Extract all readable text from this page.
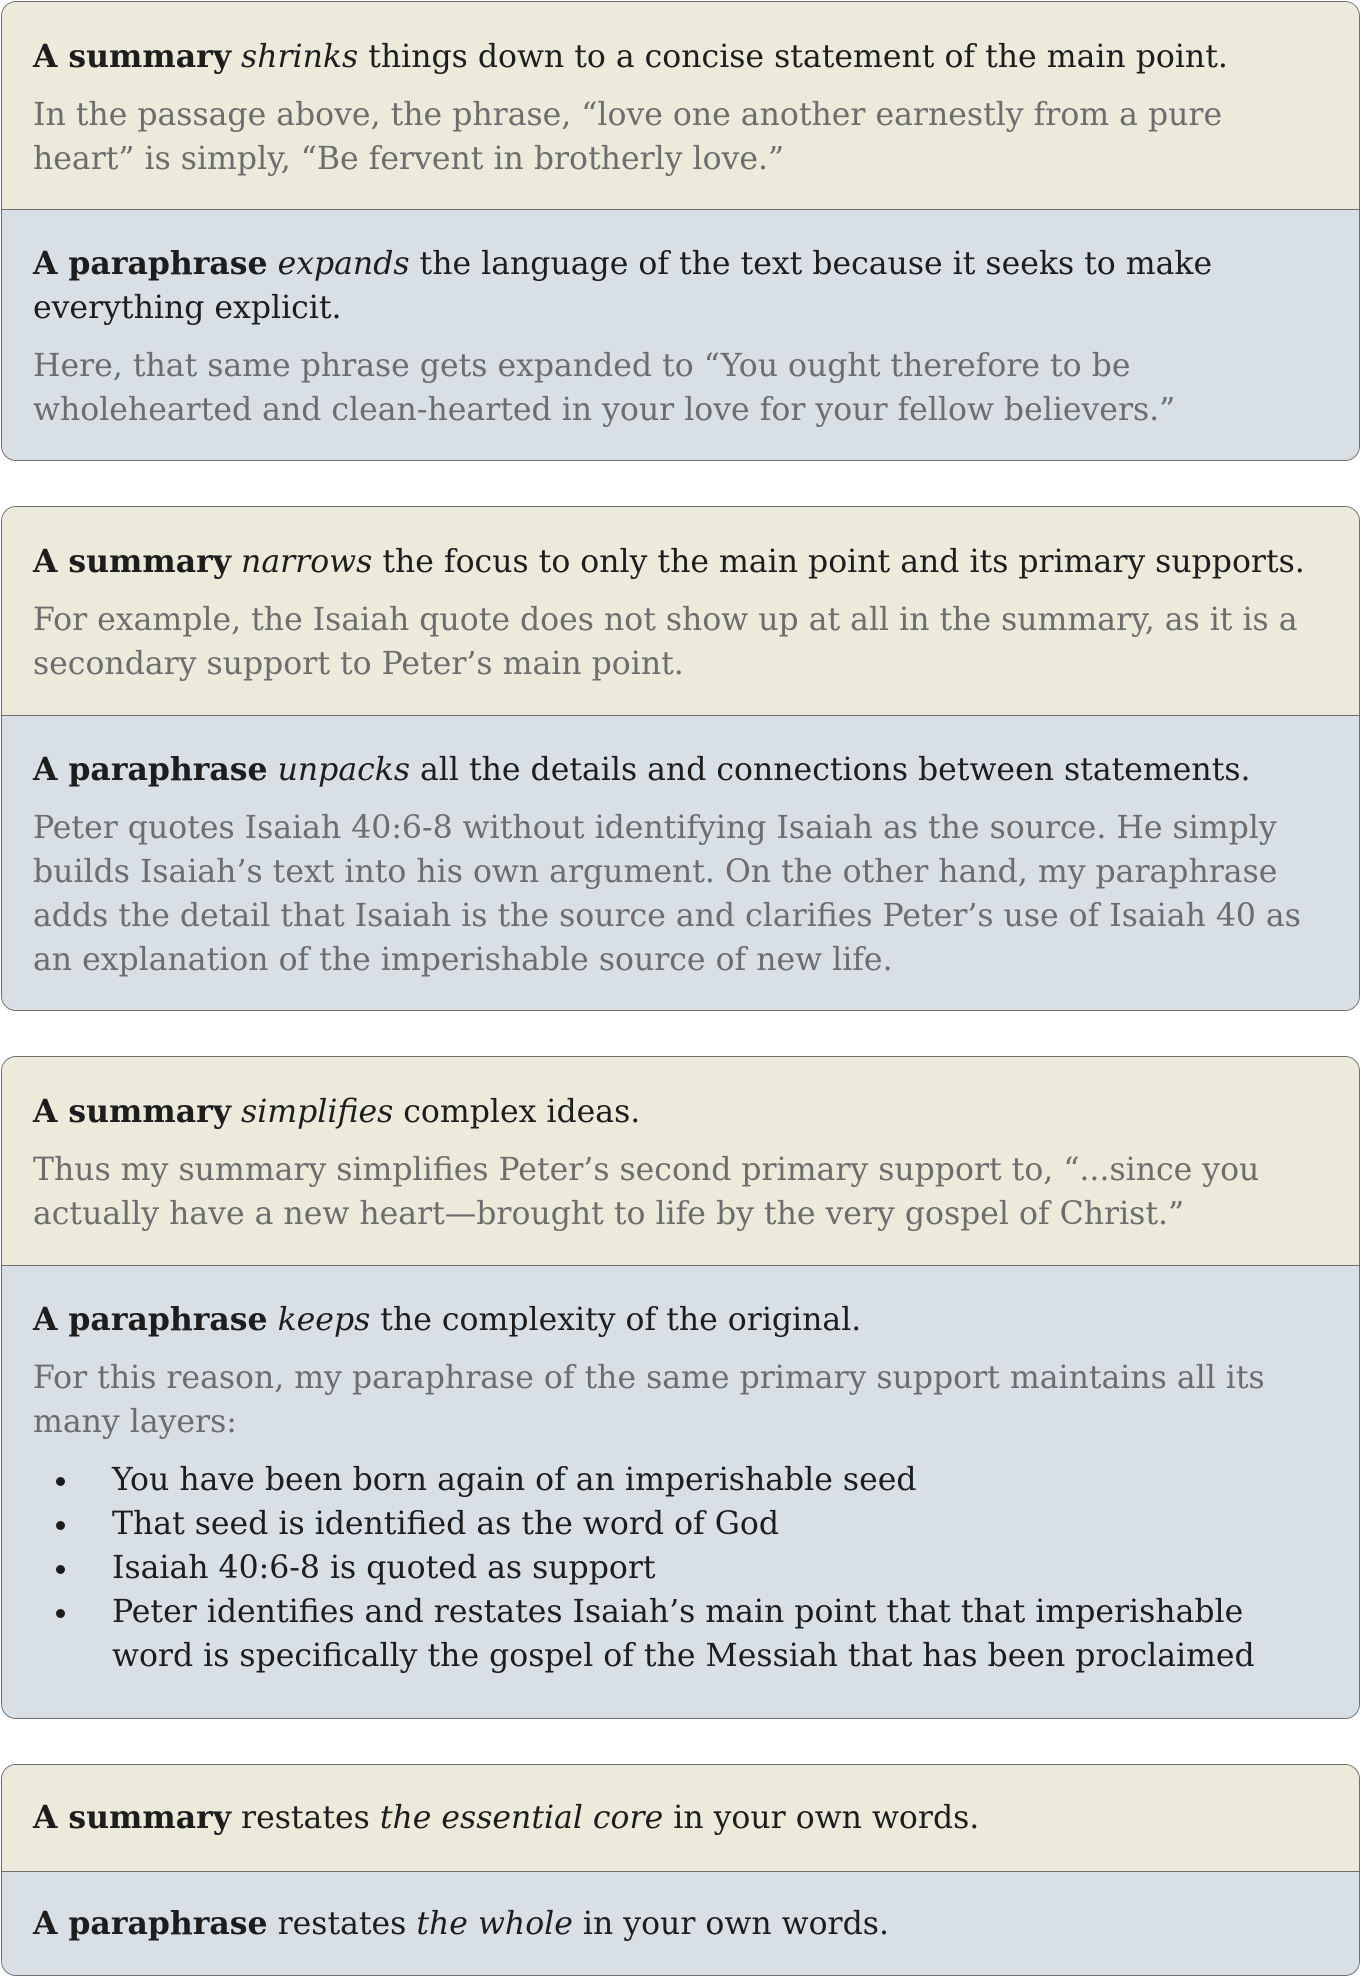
A summary shrinks things down to a concise statement of the main point.

In the passage above, the phrase, “love one another earnestly from a pure heart” is simply, “Be fervent in brotherly love.”

A paraphrase expands the language of the text because it seeks to make everything explicit.

Here, that same phrase gets expanded to “You ought therefore to be wholehearted and clean-hearted in your love for your fellow believers.”

A summary narrows the focus to only the main point and its primary supports.

For example, the Isaiah quote does not show up at all in the summary, as it is a secondary support to Peter’s main point.

A paraphrase unpacks all the details and connections between statements.

Peter quotes Isaiah 40:6-8 without identifying Isaiah as the source. He simply builds Isaiah’s text into his own argument. On the other hand, my paraphrase adds the detail that Isaiah is the source and clarifies Peter’s use of Isaiah 40 as an explanation of the imperishable source of new life.

A summary simplifies complex ideas.

Thus my summary simplifies Peter’s second primary support to, “...since you actually have a new heart—brought to life by the very gospel of Christ.”

A paraphrase keeps the complexity of the original.

For this reason, my paraphrase of the same primary support maintains all its many layers:

• You have been born again of an imperishable seed
• That seed is identified as the word of God
• Isaiah 40:6-8 is quoted as support
• Peter identifies and restates Isaiah’s main point that that imperishable word is specifically the gospel of the Messiah that has been proclaimed

A summary restates the essential core in your own words.

A paraphrase restates the whole in your own words.
